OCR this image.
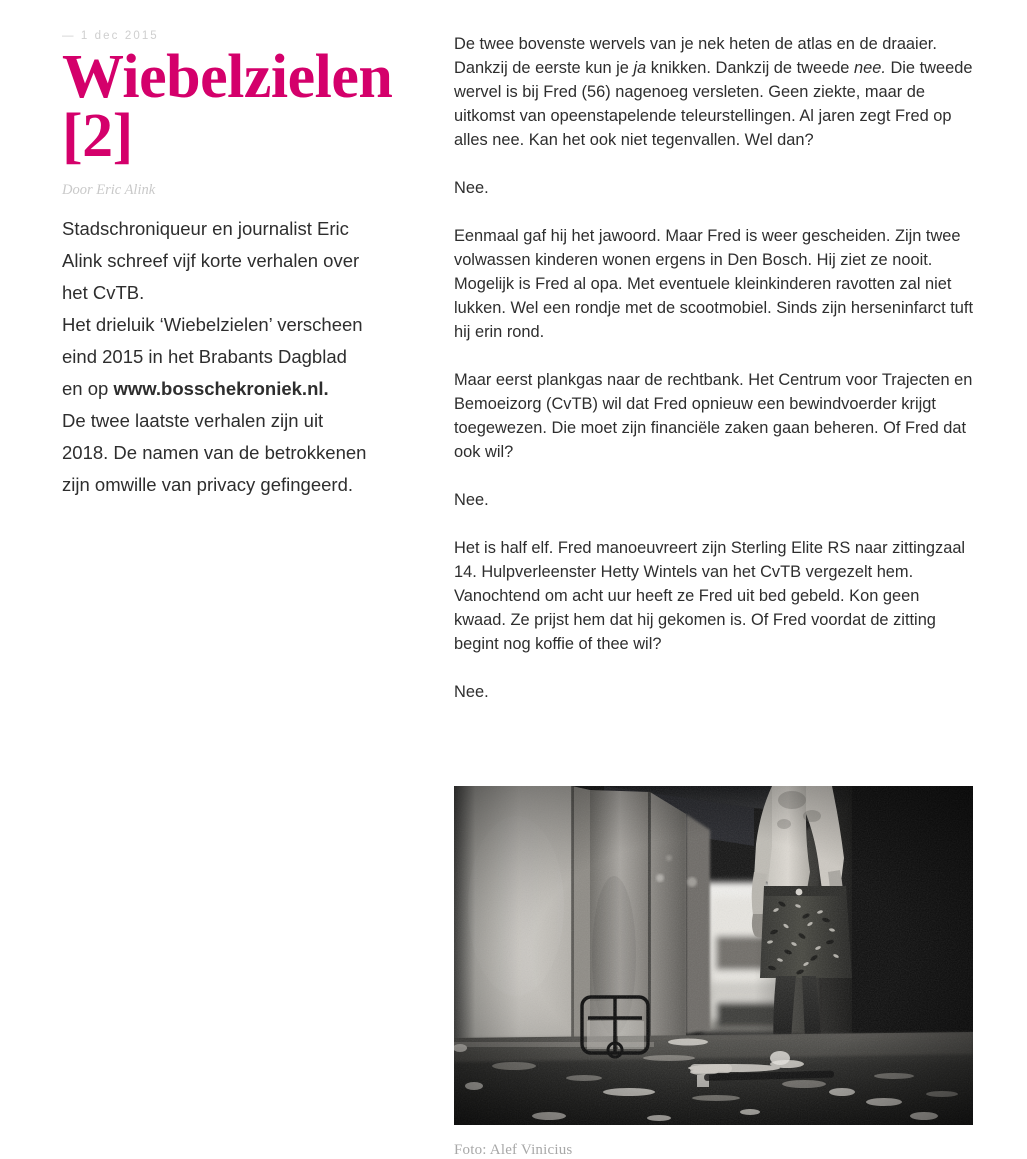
— 1 dec 2015
Wiebelzielen
[2]
Door Eric Alink
Stadschroniqueur en journalist Eric
Alink schreef vijf korte verhalen over
het CvTB.
Het drieluik ‘Wiebelzielen’ verscheen
eind 2015 in het Brabants Dagblad
en op www.bosschekroniek.nl.
De twee laatste verhalen zijn uit
2018. De namen van de betrokkenen
zijn omwille van privacy gefingeerd.

De twee bovenste wervels van je nek heten de atlas en de draaier. Dankzij de eerste kun je ja knikken. Dankzij de tweede nee. Die tweede wervel is bij Fred (56) nagenoeg versleten. Geen ziekte, maar de uitkomst van opeenstapelende teleurstellingen. Al jaren zegt Fred op alles nee. Kan het ook niet tegenvallen. Wel dan?

Nee.

Eenmaal gaf hij het jawoord. Maar Fred is weer gescheiden. Zijn twee volwassen kinderen wonen ergens in Den Bosch. Hij ziet ze nooit. Mogelijk is Fred al opa. Met eventuele kleinkinderen ravotten zal niet lukken. Wel een rondje met de scootmobiel. Sinds zijn herseninfarct tuft hij erin rond.

Maar eerst plankgas naar de rechtbank. Het Centrum voor Trajecten en Bemoeizorg (CvTB) wil dat Fred opnieuw een bewindvoerder krijgt toegewezen. Die moet zijn financiële zaken gaan beheren. Of Fred dat ook wil?

Nee.

Het is half elf. Fred manoeuvreert zijn Sterling Elite RS naar zittingzaal 14. Hulpverleenster Hetty Wintels van het CvTB vergezelt hem. Vanochtend om acht uur heeft ze Fred uit bed gebeld. Kon geen kwaad. Ze prijst hem dat hij gekomen is. Of Fred voordat de zitting begint nog koffie of thee wil?

Nee.

Foto: Alef Vinicius
